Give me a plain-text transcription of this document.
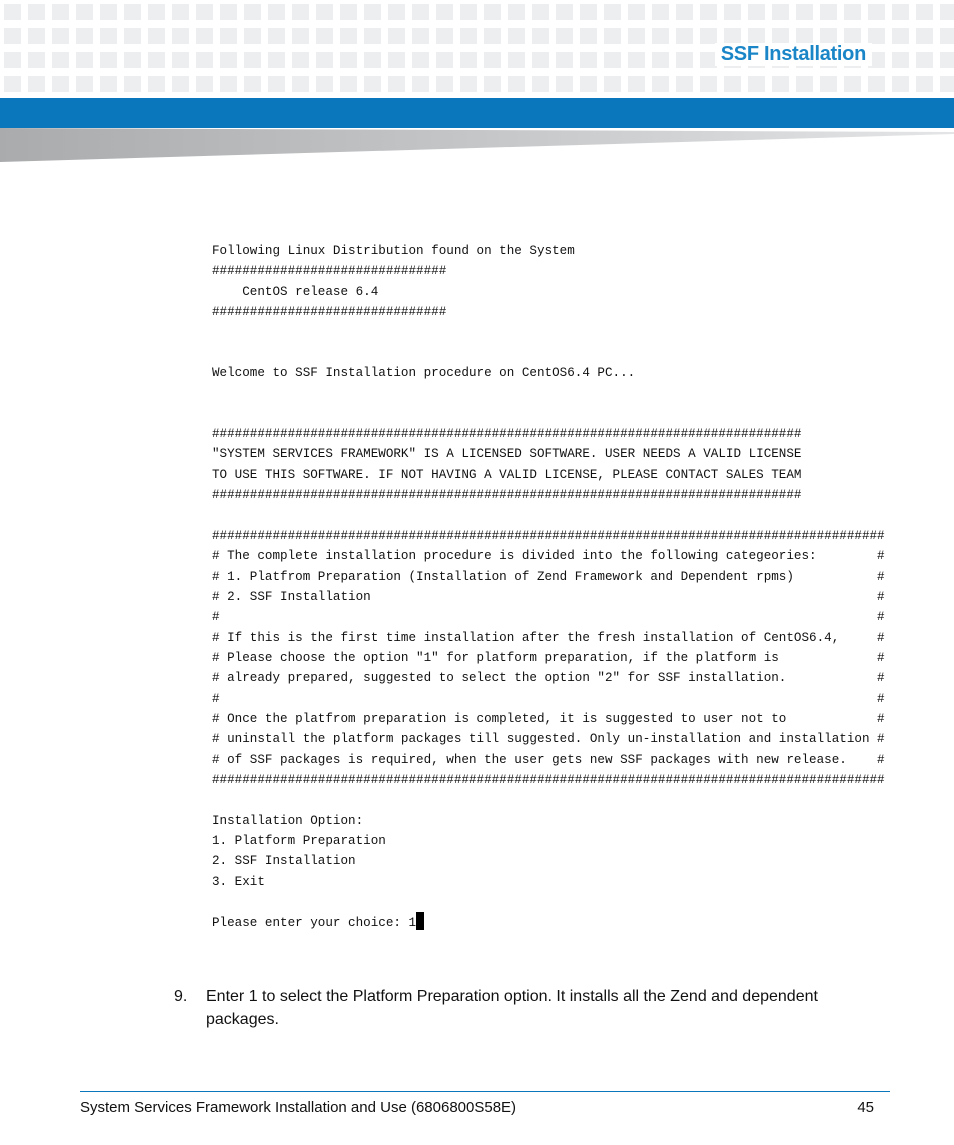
SSF Installation
Following Linux Distribution found on the System
###############################
CentOS release 6.4
###############################

Welcome to SSF Installation procedure on CentOS6.4 PC...

##############################################################################
"SYSTEM SERVICES FRAMEWORK" IS A LICENSED SOFTWARE. USER NEEDS A VALID LICENSE
TO USE THIS SOFTWARE. IF NOT HAVING A VALID LICENSE, PLEASE CONTACT SALES TEAM
##############################################################################

#########################################################################################
# The complete installation procedure is divided into the following categeories:        #
# 1. Platfrom Preparation (Installation of Zend Framework and Dependent rpms)           #
# 2. SSF Installation                                                                   #
#                                                                                       #
# If this is the first time installation after the fresh installation of CentOS6.4,     #
# Please choose the option "1" for platform preparation, if the platform is             #
# already prepared, suggested to select the option "2" for SSF installation.            #
#                                                                                       #
# Once the platfrom preparation is completed, it is suggested to user not to            #
# uninstall the platform packages till suggested. Only un-installation and installation #
# of SSF packages is required, when the user gets new SSF packages with new release.    #
#########################################################################################

Installation Option:
1. Platform Preparation
2. SSF Installation
3. Exit

Please enter your choice: 1
9. Enter 1 to select the Platform Preparation option. It installs all the Zend and dependent packages.
System Services Framework Installation and Use (6806800S58E)	45
